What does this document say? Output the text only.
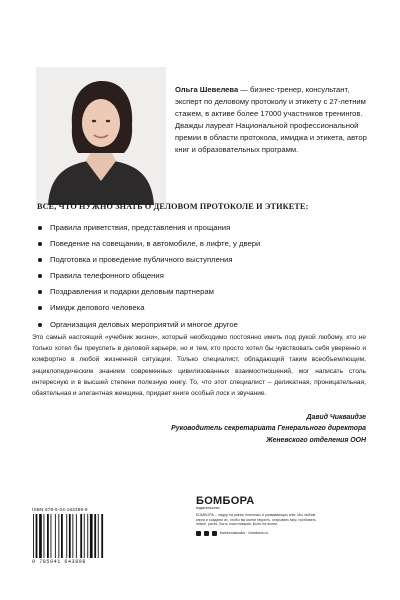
Ольга Шевелева — бизнес-тренер, консультант, эксперт по деловому протоколу и этикету с 27-летним стажем, в активе более 17000 участников тренингов. Дважды лауреат Национальной профессиональной премии в области протокола, имиджа и этикета, автор книг и образовательных программ.

ВСЕ, ЧТО НУЖНО ЗНАТЬ О ДЕЛОВОМ ПРОТОКОЛЕ И ЭТИКЕТЕ:
Правила приветствия, представления и прощания
Поведение на совещании, в автомобиле, в лифте, у двери
Подготовка и проведение публичного выступления
Правила телефонного общения
Поздравления и подарки деловым партнерам
Имидж делового человека
Организация деловых мероприятий и многое другое

Это самый настоящий «учебник жизни», который необходимо постоянно иметь под рукой любому, кто не только хотел бы преуспеть в деловой карьере, но и тем, кто просто хотел бы чувствовать себя уверенно и комфортно в любой жизненной ситуации. Только специалист, обладающий таким всеобъемлющим, энциклопедическим знанием современных цивилизованных взаимоотношений, мог написать столь интересную и в высшей степени полезную книгу. То, что этот специалист – деликатная, проницательная, обаятельная и элегантная женщина, придает книге особый лоск и звучание.

Давид Чикваидзе
Руководитель секретариата Генерального директора
Женевского отделения ООН
ISBN 978-5-04-164389-8
9 785041 643898
БОМБОРА
издательство
БОМБОРА – лидер на рынке полезных и развивающих книг. Мы любим книги и создаем их, чтобы вы могли творить, открывать мир, пробовать новое, расти. Быть счастливыми. Быть на волне.
bomborabooks · bombora.ru
